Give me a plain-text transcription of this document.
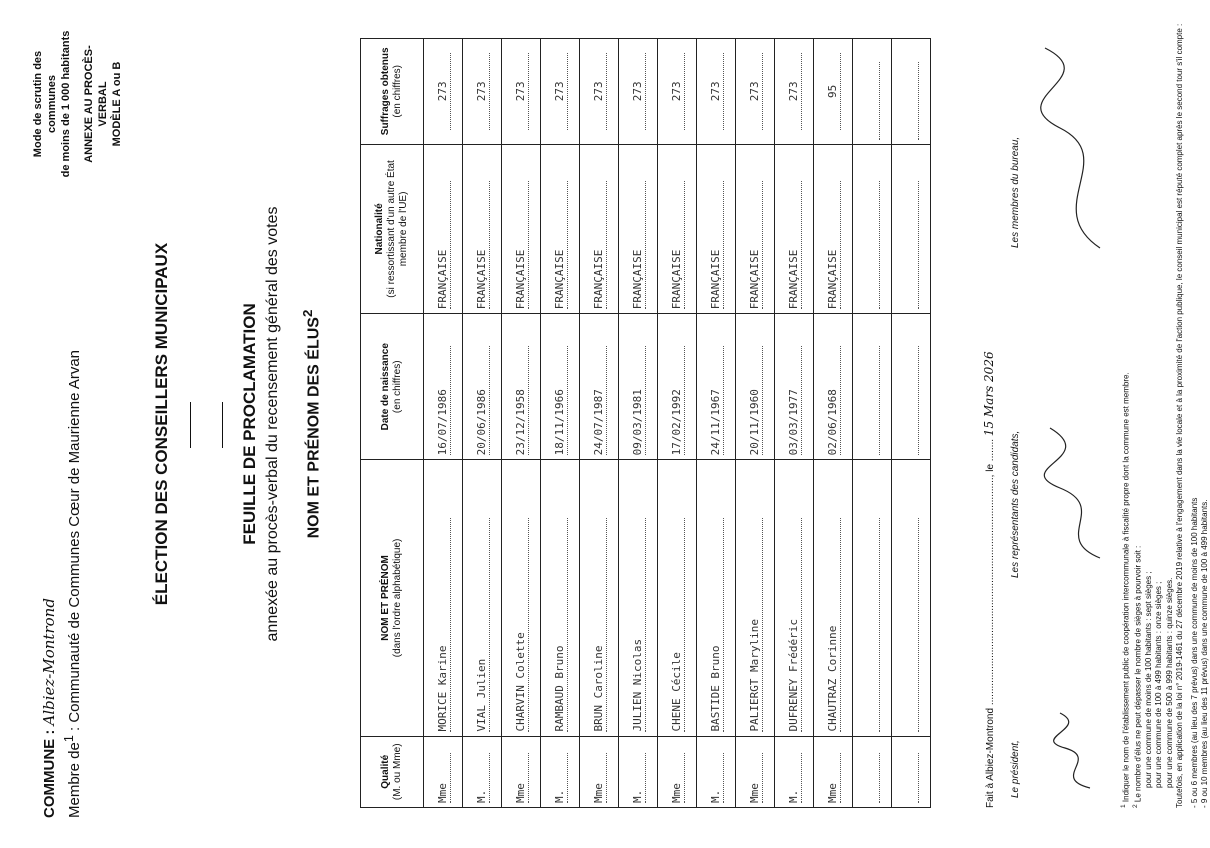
COMMUNE : Albiez-Montrond
Membre $de^1$ : Communauté de Communes Cœur de Maurienne Arvan
Mode de scrutin des communes de moins de 1 000 habitants ANNEXE AU PROCÈS-VERBAL MODÈLE A ou B
ÉLECTION DES CONSEILLERS MUNICIPAUX	FEUILLE DE PROCLAMATION annexée au procès-verbal du recensement général des votes	NOM ET PRÉNOM DES ÉLUS$^2$
Qualité
(M. ou Mme)	NOM ET PRÉNOM
(dans l'ordre alphabétique)	Date de naissance
(en chiffres)	Nationalité
(si ressortissant d'un autre État membre de l'UE)	Suffrages obtenus
(en chiffres)
Mme	MORICE Karine	16/07/1986	FRANÇAISE	273
M.	VIAL Julien	20/06/1986	FRANÇAISE	273
Mme	CHARVIN Colette	23/12/1958	FRANÇAISE	273
M.	RAMBAUD Bruno	18/11/1966	FRANÇAISE	273
Mme	BRUN Caroline	24/07/1987	FRANÇAISE	273
M.	JULIEN Nicolas	09/03/1981	FRANÇAISE	273
Mme	CHENE Cécile	17/02/1992	FRANÇAISE	273
M.	BASTIDE Bruno	24/11/1967	FRANÇAISE	273
Mme	PALIERGT Maryline	20/11/1960	FRANÇAISE	273
M.	DUFRENEY Frédéric	03/03/1977	FRANÇAISE	273
Mme	CHAUTRAZ Corinne	02/06/1968	FRANÇAISE	95

Fait à Albiez-Montrond .................................................................................., le ........ 15 Mars 2026
Le président,
Les représentants des candidats,
Les membres du bureau,

$^1$ Indiquer le nom de l'établissement public de coopération intercommunale à fiscalité propre dont la commune est membre.

$^2$ Le nombre d'élus ne peut dépasser le nombre de sièges à pourvoir soit : pour une commune de moins de 100 habitants : sept sièges ; pour une commune de 100 à 499 habitants : onze sièges ; pour une commune de 500 à 999 habitants : quinze sièges. Toutefois, en application de la loi n° 2019-1461 du 27 décembre 2019 relative à l'engagement dans la vie locale et à la proximité de l'action publique, le conseil municipal est réputé complet après le second tour s'il compte : - 5 ou 6 membres (au lieu des 7 prévus) dans une commune de moins de 100 habitants - 9 ou 10 membres (au lieu des 11 prévus) dans une commune de 100 à 499 habitants.
